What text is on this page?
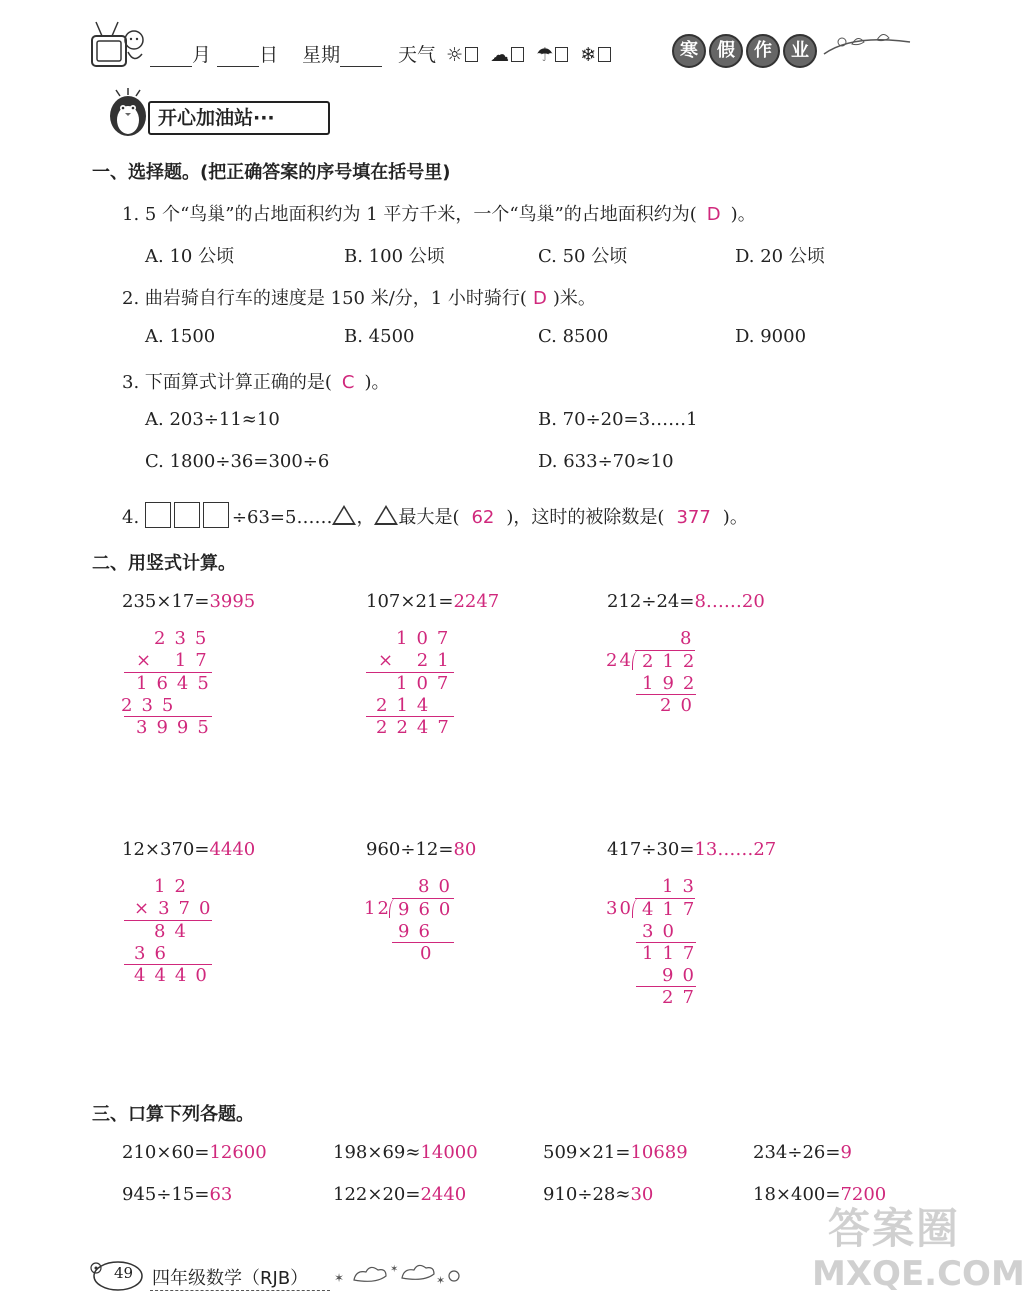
月	日 星期	天气 ☼ ☁ ☂ ❄	寒	假	作	业
开心加油站···
一、选择题。(把正确答案的序号填在括号里)
1. 5 个“鸟巢”的占地面积约为 1 平方千米，一个“鸟巢”的占地面积约为( D )。
A. 10 公顷	B. 100 公顷	C. 50 公顷	D. 20 公顷
2. 曲岩骑自行车的速度是 150 米/分，1 小时骑行( D )米。
A. 1500	B. 4500	C. 8500	D. 9000
3. 下面算式计算正确的是( C )。
A. 203÷11≈10	B. 70÷20=3……1
C. 1800÷36=300÷6	D. 633÷70≈10
4.	÷63=5…… ， 最大是( 62 )，这时的被除数是( 377 )。
二、用竖式计算。
235×17=3995	107×21=2247	212÷24=8……20
235
× 17
1645
235
3995
107
× 21
107
214
2247
8
24 212
192
20
12×370=4440	960÷12=80	417÷30=13……27
12
×370
84
36
4440
80
12 960
96
0
13
30 417
30
117
90
27
三、口算下列各题。
210×60=12600	198×69≈14000	509×21=10689	234÷26=9
945÷15=63	122×20=2440	910÷28≈30	18×400=7200
49 四年级数学（RJB） ✶
✶
✶
答案圈
MXQE.COM
